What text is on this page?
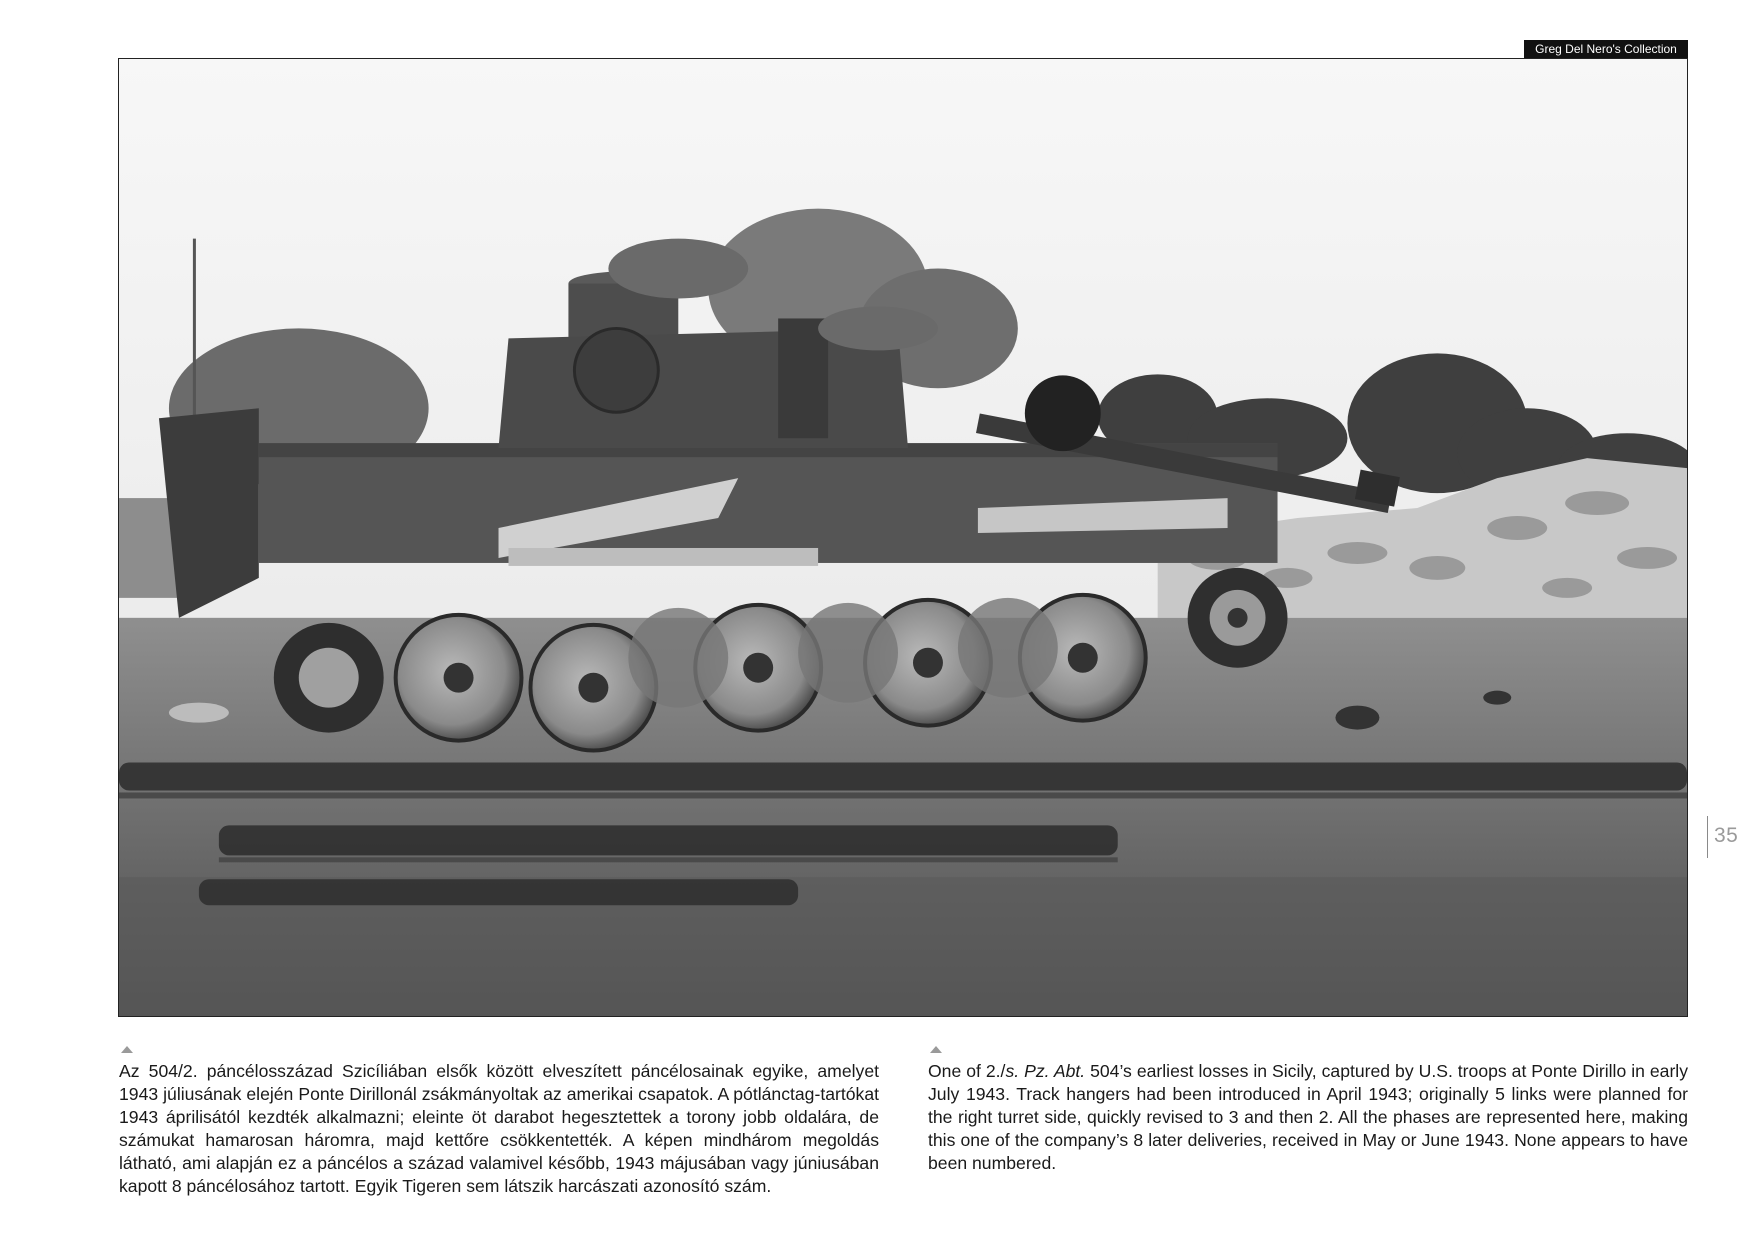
Greg Del Nero's Collection
35
Az 504/2. páncélosszázad Szicíliában elsők között elveszített páncélosainak egyike, amelyet 1943 júliusának elején Ponte Dirillonál zsákmányoltak az amerikai csapatok. A pótlánctag-tartókat 1943 áprilisától kezdték alkalmazni; eleinte öt darabot hegesztettek a torony jobb oldalára, de számukat hamarosan háromra, majd kettőre csökkentették. A képen mindhárom megoldás látható, ami alapján ez a páncélos a század valamivel később, 1943 májusában vagy júniusában kapott 8 páncélosához tartott. Egyik Tigeren sem látszik harcászati azonosító szám.
One of 2./s. Pz. Abt. 504’s earliest losses in Sicily, captured by U.S. troops at Ponte Dirillo in early July 1943. Track hangers had been introduced in April 1943; originally 5 links were planned for the right turret side, quickly revised to 3 and then 2. All the phases are represented here, making this one of the company’s 8 later deliveries, received in May or June 1943. None appears to have been numbered.
